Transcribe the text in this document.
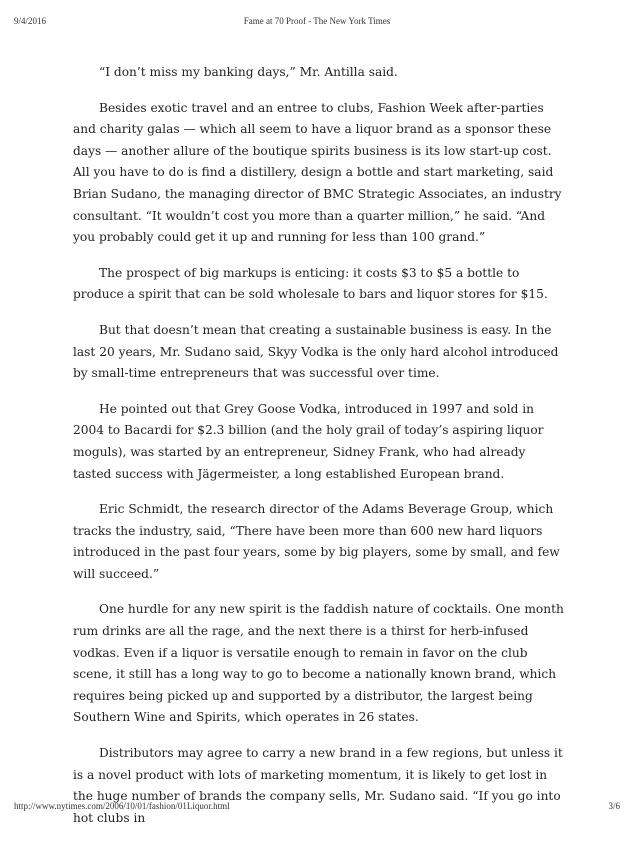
9/4/2016	Fame at 70 Proof - The New York Times

“I don’t miss my banking days,” Mr. Antilla said.

Besides exotic travel and an entree to clubs, Fashion Week after-parties and charity galas — which all seem to have a liquor brand as a sponsor these days — another allure of the boutique spirits business is its low start-up cost. All you have to do is find a distillery, design a bottle and start marketing, said Brian Sudano, the managing director of BMC Strategic Associates, an industry consultant. “It wouldn’t cost you more than a quarter million,” he said. “And you probably could get it up and running for less than 100 grand.”

The prospect of big markups is enticing: it costs $3 to $5 a bottle to produce a spirit that can be sold wholesale to bars and liquor stores for $15.

But that doesn’t mean that creating a sustainable business is easy. In the last 20 years, Mr. Sudano said, Skyy Vodka is the only hard alcohol introduced by small-time entrepreneurs that was successful over time.

He pointed out that Grey Goose Vodka, introduced in 1997 and sold in 2004 to Bacardi for $2.3 billion (and the holy grail of today’s aspiring liquor moguls), was started by an entrepreneur, Sidney Frank, who had already tasted success with Jägermeister, a long established European brand.

Eric Schmidt, the research director of the Adams Beverage Group, which tracks the industry, said, “There have been more than 600 new hard liquors introduced in the past four years, some by big players, some by small, and few will succeed.”

One hurdle for any new spirit is the faddish nature of cocktails. One month rum drinks are all the rage, and the next there is a thirst for herb-infused vodkas. Even if a liquor is versatile enough to remain in favor on the club scene, it still has a long way to go to become a nationally known brand, which requires being picked up and supported by a distributor, the largest being Southern Wine and Spirits, which operates in 26 states.

Distributors may agree to carry a new brand in a few regions, but unless it is a novel product with lots of marketing momentum, it is likely to get lost in the huge number of brands the company sells, Mr. Sudano said. “If you go into hot clubs in

http://www.nytimes.com/2006/10/01/fashion/01Liquor.html	3/6
